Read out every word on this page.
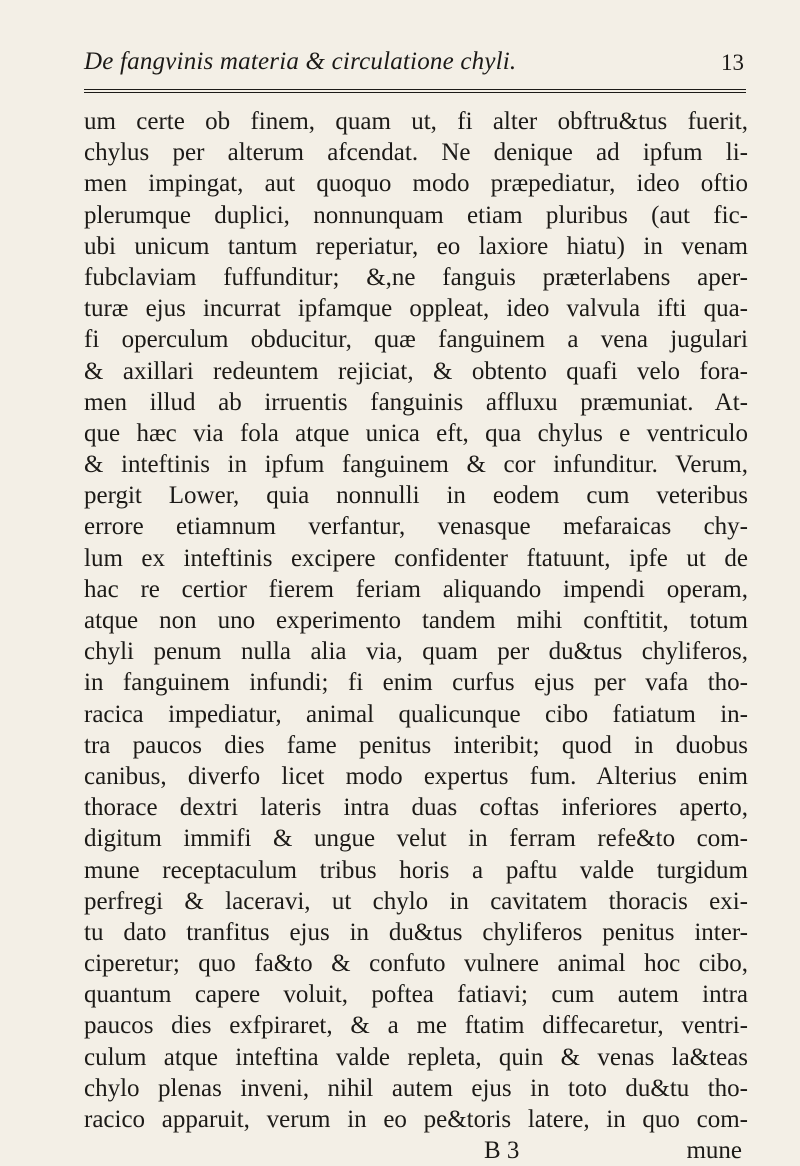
De fangvinis materia & circulatione chyli.	13
um certe ob finem, quam ut, fi alter obftru&tus fuerit,
chylus per alterum afcendat. Ne denique ad ipfum li-
men impingat, aut quoquo modo præpediatur, ideo oftio
plerumque duplici, nonnunquam etiam pluribus (aut fic-
ubi unicum tantum reperiatur, eo laxiore hiatu) in venam
fubclaviam fuffunditur; &,ne fanguis præterlabens aper-
turæ ejus incurrat ipfamque oppleat, ideo valvula ifti qua-
fi operculum obducitur, quæ fanguinem a vena jugulari
& axillari redeuntem rejiciat, & obtento quafi velo fora-
men illud ab irruentis fanguinis affluxu præmuniat. At-
que hæc via fola atque unica eft, qua chylus e ventriculo
& inteftinis in ipfum fanguinem & cor infunditur. Verum,
pergit Lower, quia nonnulli in eodem cum veteribus
errore etiamnum verfantur, venasque mefaraicas chy-
lum ex inteftinis excipere confidenter ftatuunt, ipfe ut de
hac re certior fierem feriam aliquando impendi operam,
atque non uno experimento tandem mihi conftitit, totum
chyli penum nulla alia via, quam per du&tus chyliferos,
in fanguinem infundi; fi enim curfus ejus per vafa tho-
racica impediatur, animal qualicunque cibo fatiatum in-
tra paucos dies fame penitus interibit; quod in duobus
canibus, diverfo licet modo expertus fum. Alterius enim
thorace dextri lateris intra duas coftas inferiores aperto,
digitum immifi & ungue velut in ferram refe&to com-
mune receptaculum tribus horis a paftu valde turgidum
perfregi & laceravi, ut chylo in cavitatem thoracis exi-
tu dato tranfitus ejus in du&tus chyliferos penitus inter-
ciperetur; quo fa&to & confuto vulnere animal hoc cibo,
quantum capere voluit, poftea fatiavi; cum autem intra
paucos dies exfpiraret, & a me ftatim diffecaretur, ventri-
culum atque inteftina valde repleta, quin & venas la&teas
chylo plenas inveni, nihil autem ejus in toto du&tu tho-
racico apparuit, verum in eo pe&toris latere, in quo com-
B 3	mune
